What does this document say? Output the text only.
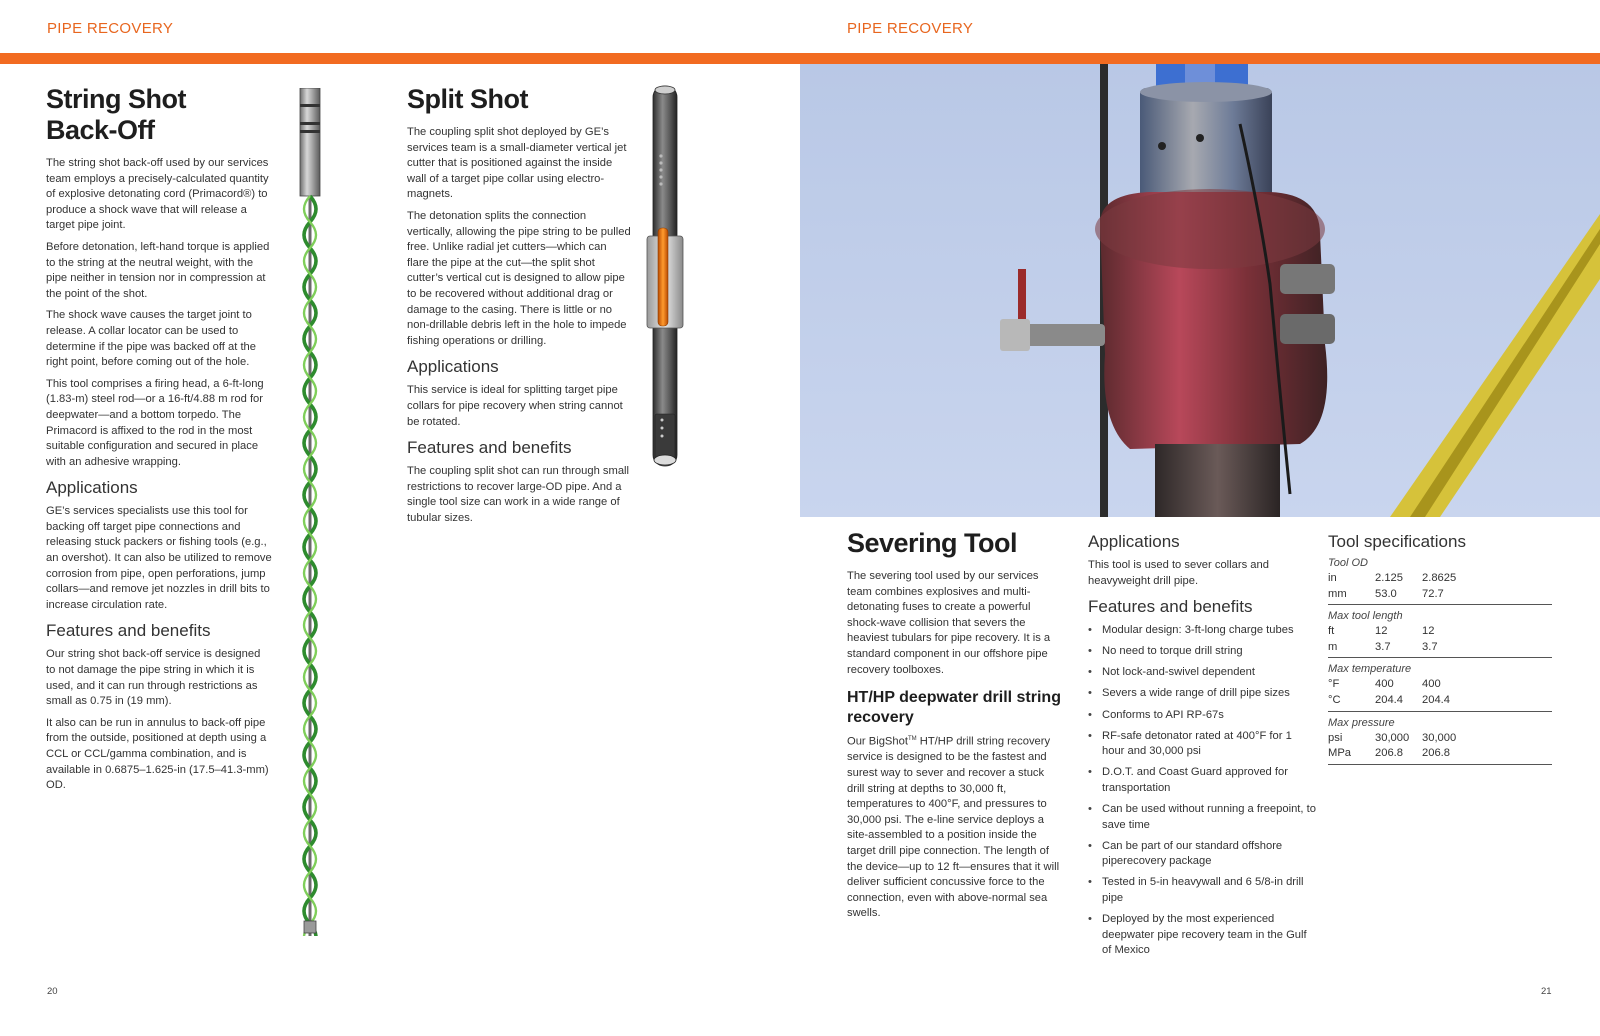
PIPE RECOVERY	PIPE RECOVERY
String Shot
Back-Off

The string shot back-off used by our services team employs a precisely-calculated quantity of explosive detonating cord (Primacord®) to produce a shock wave that will release a target pipe joint.

Before detonation, left-hand torque is applied to the string at the neutral weight, with the pipe neither in tension nor in compression at the point of the shot.

The shock wave causes the target joint to release. A collar locator can be used to determine if the pipe was backed off at the right point, before coming out of the hole.

This tool comprises a firing head, a 6-ft-long (1.83-m) steel rod—or a 16-ft/4.88 m rod for deepwater—and a bottom torpedo. The Primacord is affixed to the rod in the most suitable configuration and secured in place with an adhesive wrapping.

Applications

GE’s services specialists use this tool for backing off target pipe connections and releasing stuck packers or fishing tools (e.g., an overshot). It can also be utilized to remove corrosion from pipe, open perforations, jump collars—and remove jet nozzles in drill bits to increase circulation rate.

Features and benefits

Our string shot back-off service is designed to not damage the pipe string in which it is used, and it can run through restrictions as small as 0.75 in (19 mm).

It also can be run in annulus to back-off pipe from the outside, positioned at depth using a CCL or CCL/gamma combination, and is available in 0.6875–1.625-in (17.5–41.3-mm) OD.

Split Shot

The coupling split shot deployed by GE’s services team is a small-diameter vertical jet cutter that is positioned against the inside wall of a target pipe collar using electro-magnets.

The detonation splits the connection vertically, allowing the pipe string to be pulled free. Unlike radial jet cutters—which can flare the pipe at the cut—the split shot cutter’s vertical cut is designed to allow pipe to be recovered without additional drag or damage to the casing. There is little or no non-drillable debris left in the hole to impede fishing operations or drilling.

Applications

This service is ideal for splitting target pipe collars for pipe recovery when string cannot be rotated.

Features and benefits

The coupling split shot can run through small restrictions to recover large-OD pipe. And a single tool size can work in a wide range of tubular sizes.

Severing Tool

The severing tool used by our services team combines explosives and multi-detonating fuses to create a powerful shock-wave collision that severs the heaviest tubulars for pipe recovery. It is a standard component in our offshore pipe recovery toolboxes.

HT/HP deepwater drill string recovery

Our BigShot™ HT/HP drill string recovery service is designed to be the fastest and surest way to sever and recover a stuck drill string at depths to 30,000 ft, temperatures to 400°F, and pressures to 30,000 psi. The e-line service deploys a site-assembled to a position inside the target drill pipe connection. The length of the device—up to 12 ft—ensures that it will deliver sufficient concussive force to the connection, even with above-normal sea swells.

Applications

This tool is used to sever collars and heavyweight drill pipe.

Features and benefits
• Modular design: 3-ft-long charge tubes
• No need to torque drill string
• Not lock-and-swivel dependent
• Severs a wide range of drill pipe sizes
• Conforms to API RP-67s
• RF-safe detonator rated at 400°F for 1 hour and 30,000 psi
• D.O.T. and Coast Guard approved for transportation
• Can be used without running a freepoint, to save time
• Can be part of our standard offshore piperecovery package
• Tested in 5-in heavywall and 6 5/8-in drill pipe
• Deployed by the most experienced deepwater pipe recovery team in the Gulf of Mexico
Tool specifications
Tool OD
in	2.125	2.8625
mm	53.0	72.7
Max tool length
ft	12	12
m	3.7	3.7
Max temperature
°F	400	400
°C	204.4	204.4
Max pressure
psi	30,000	30,000
MPa	206.8	206.8
20	21
